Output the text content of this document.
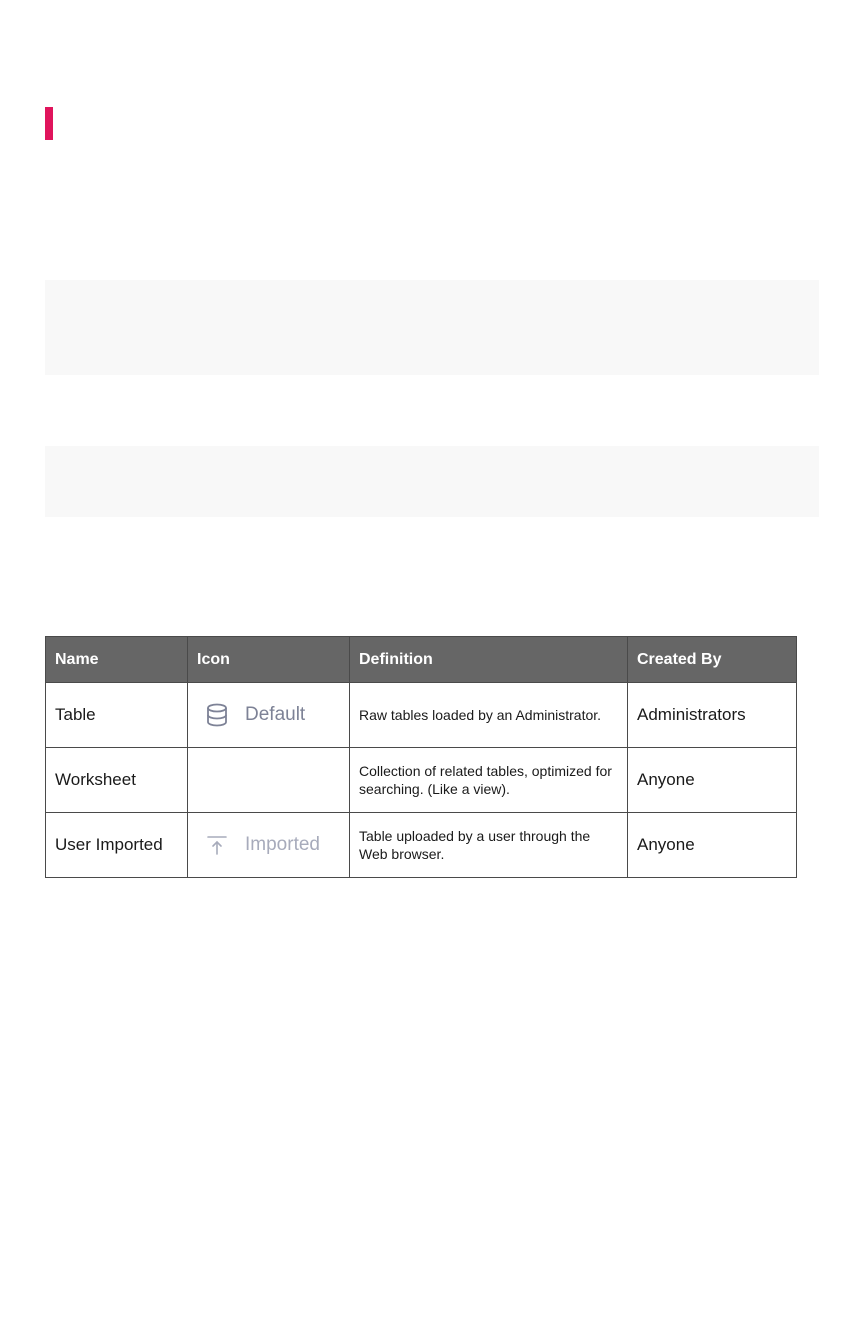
Name	Icon	Definition	Created By
Table	Default	Raw tables loaded by an Administrator.	Administrators
Worksheet		Collection of related tables, optimized for searching. (Like a view).	Anyone
User Imported	Imported	Table uploaded by a user through the Web browser.	Anyone
